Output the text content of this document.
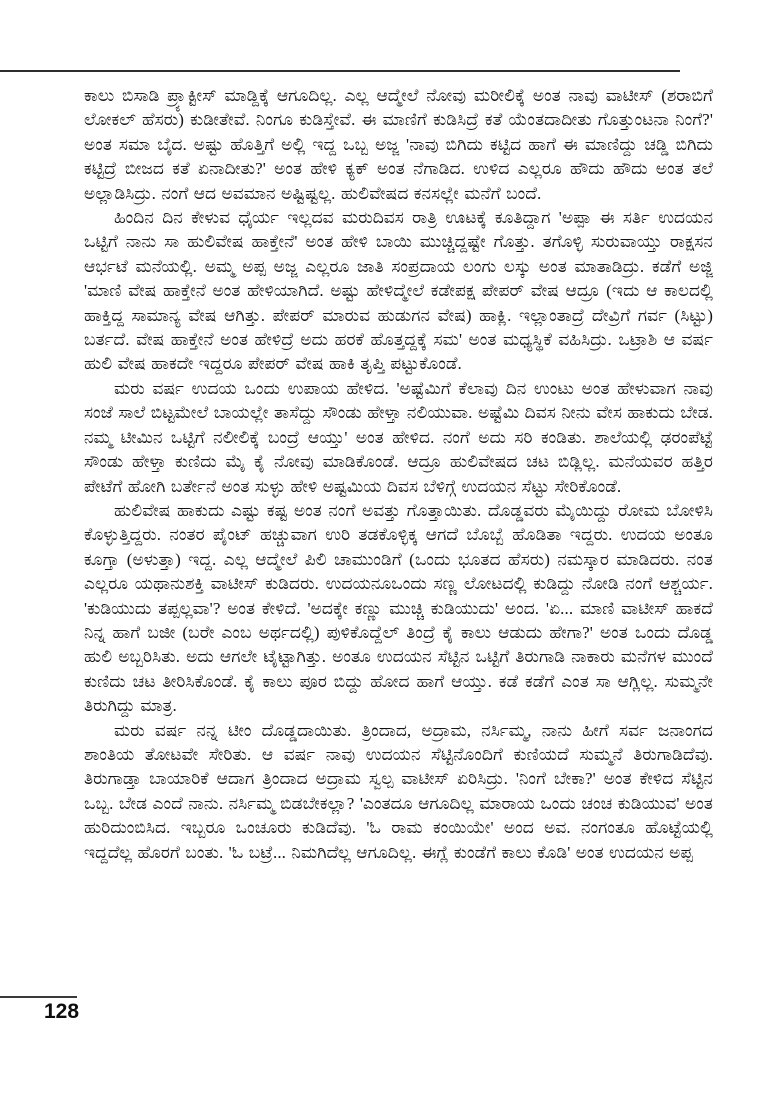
ಕಾಲು ಬಿಸಾಡಿ ಪ್ರ್ಯಾಕ್ಟೀಸ್ ಮಾಡ್ದಿಕ್ಕೆ ಆಗೂದಿಲ್ಲ. ಎಲ್ಲ ಆದ್ಮೇಲೆ ನೋವು ಮರೀಲಿಕ್ಕೆ ಅಂತ ನಾವು ವಾಟೀಸ್ (ಶರಾಬಿಗೆ ಲೋಕಲ್ ಹೆಸರು) ಕುಡೀತೇವೆ. ನಿಂಗೂ ಕುಡಿಸ್ತೇವೆ. ಈ ಮಾಣಿಗೆ ಕುಡಿಸಿದ್ರೆ ಕತೆ ಯೆಂತದಾದೀತು ಗೊತ್ತುಂಟನಾ ನಿಂಗೆ?' ಅಂತ ಸಮಾ ಬೈದ. ಅಷ್ಟು ಹೊತ್ತಿಗೆ ಅಲ್ಲಿ ಇದ್ದ ಒಬ್ಬ ಅಜ್ಜ 'ನಾವು ಬಿಗಿದು ಕಟ್ಟಿದ ಹಾಗೆ ಈ ಮಾಣಿದ್ದು ಚಡ್ಡಿ ಬಿಗಿದು ಕಟ್ಟಿದ್ರೆ ಬೀಜದ ಕತೆ ಏನಾದೀತು?' ಅಂತ ಹೇಳಿ ಕ್ಯಕ್ ಅಂತ ನೆಗಾಡಿದ. ಉಳಿದ ಎಲ್ಲರೂ ಹೌದು ಹೌದು ಅಂತ ತಲೆ ಅಲ್ಲಾಡಿಸಿದ್ರು. ನಂಗೆ ಆದ ಅವಮಾನ ಅಷ್ಟಿಷ್ಟಲ್ಲ. ಹುಲಿವೇಷದ ಕನಸಲ್ಲೇ ಮನೆಗೆ ಬಂದೆ.

ಹಿಂದಿನ ದಿನ ಕೇಳುವ ಧೈರ್ಯ ಇಲ್ಲದವ ಮರುದಿವಸ ರಾತ್ರಿ ಊಟಕ್ಕೆ ಕೂತಿದ್ದಾಗ 'ಅಪ್ಪಾ ಈ ಸರ್ತಿ ಉದಯನ ಒಟ್ಟಿಗೆ ನಾನು ಸಾ ಹುಲಿವೇಷ ಹಾಕ್ತೇನೆ' ಅಂತ ಹೇಳಿ ಬಾಯಿ ಮುಚ್ಚಿದ್ದಷ್ಟೇ ಗೊತ್ತು. ತಗೊಳ್ಳಿ ಸುರುವಾಯ್ತು ರಾಕ್ಷಸನ ಆರ್ಭಟೆ ಮನೆಯಲ್ಲಿ. ಅಮ್ಮ ಅಪ್ಪ ಅಜ್ಜ ಎಲ್ಲರೂ ಜಾತಿ ಸಂಪ್ರದಾಯ ಲಂಗು ಲಸ್ಕು ಅಂತ ಮಾತಾಡಿದ್ರು. ಕಡೆಗೆ ಅಜ್ಜಿ 'ಮಾಣಿ ವೇಷ ಹಾಕ್ತೇನೆ ಅಂತ ಹೇಳಿಯಾಗಿದೆ. ಅಷ್ಟು ಹೇಳಿದ್ಮೇಲೆ ಕಡೇಪಕ್ಷ ಪೇಪರ್ ವೇಷ ಆದ್ರೂ (ಇದು ಆ ಕಾಲದಲ್ಲಿ ಹಾಕ್ತಿದ್ದ ಸಾಮಾನ್ಯ ವೇಷ ಆಗಿತ್ತು. ಪೇಪರ್ ಮಾರುವ ಹುಡುಗನ ವೇಷ) ಹಾಕ್ಲಿ. ಇಲ್ಲಾಂತಾದ್ರೆ ದೇವ್ರಿಗೆ ಗರ್ವ (ಸಿಟ್ಟು) ಬರ್ತದೆ. ವೇಷ ಹಾಕ್ತೇನೆ ಅಂತ ಹೇಳಿದ್ರೆ ಅದು ಹರಕೆ ಹೊತ್ತದ್ದಕ್ಕೆ ಸಮ' ಅಂತ ಮಧ್ಯಸ್ಥಿಕೆ ವಹಿಸಿದ್ರು. ಒಟ್ರಾಶಿ ಆ ವರ್ಷ ಹುಲಿ ವೇಷ ಹಾಕದೇ ಇದ್ದರೂ ಪೇಪರ್ ವೇಷ ಹಾಕಿ ತೃಪ್ತಿ ಪಟ್ಟುಕೊಂಡೆ.

ಮರು ವರ್ಷ ಉದಯ ಒಂದು ಉಪಾಯ ಹೇಳಿದ. 'ಅಷ್ಟೆಮಿಗೆ ಕೆಲಾವು ದಿನ ಉಂಟು ಅಂತ ಹೇಳುವಾಗ ನಾವು ಸಂಜೆ ಸಾಲೆ ಬಿಟ್ಟಮೇಲೆ ಬಾಯಲ್ಲೇ ತಾಸೆದ್ದು ಸೌಂಡು ಹೇಳ್ತಾ ನಲಿಯುವಾ. ಅಷ್ಟೆಮಿ ದಿವಸ ನೀನು ವೇಸ ಹಾಕುದು ಬೇಡ. ನಮ್ಮ ಟೀಮಿನ ಒಟ್ಟಿಗೆ ನಲೀಲಿಕ್ಕೆ ಬಂದ್ರೆ ಆಯ್ತು' ಅಂತ ಹೇಳಿದ. ನಂಗೆ ಅದು ಸರಿ ಕಂಡಿತು. ಶಾಲೆಯಲ್ಲಿ ಢರಂಪೆಟ್ಟೆ ಸೌಂಡು ಹೇಳ್ತಾ ಕುಣಿದು ಮೈ ಕೈ ನೋವು ಮಾಡಿಕೊಂಡೆ. ಆದ್ರೂ ಹುಲಿವೇಷದ ಚಟ ಬಿಡ್ಲಿಲ್ಲ. ಮನೆಯವರ ಹತ್ತಿರ ಪೇಟೆಗೆ ಹೋಗಿ ಬರ್ತೇನೆ ಅಂತ ಸುಳ್ಳು ಹೇಳಿ ಅಷ್ಟಮಿಯ ದಿವಸ ಬೆಳಿಗ್ಗೆ ಉದಯನ ಸೆಟ್ಟು ಸೇರಿಕೊಂಡೆ.

ಹುಲಿವೇಷ ಹಾಕುದು ಎಷ್ಟು ಕಷ್ಟ ಅಂತ ನಂಗೆ ಅವತ್ತು ಗೊತ್ತಾಯಿತು. ದೊಡ್ಡವರು ಮೈಯಿದ್ದು ರೋಮ ಬೋಳಿಸಿ ಕೊಳ್ಳುತ್ತಿದ್ದರು. ನಂತರ ಪೈಂಟ್ ಹಚ್ಚುವಾಗ ಉರಿ ತಡಕೊಳ್ಳಿಕ್ಕ ಆಗದೆ ಬೊಬ್ಬೆ ಹೊಡಿತಾ ಇದ್ದರು. ಉದಯ ಅಂತೂ ಕೂಗ್ತಾ (ಅಳುತ್ತಾ) ಇದ್ದ. ಎಲ್ಲ ಆದ್ಮೇಲೆ ಪಿಲಿ ಚಾಮುಂಡಿಗೆ (ಒಂದು ಭೂತದ ಹೆಸರು) ನಮಸ್ಕಾರ ಮಾಡಿದರು. ನಂತ ಎಲ್ಲರೂ ಯಥಾನುಶಕ್ತಿ ವಾಟೀಸ್ ಕುಡಿದರು. ಉದಯನೂಒಂದು ಸಣ್ಣ ಲೋಟದಲ್ಲಿ ಕುಡಿದ್ದು ನೋಡಿ ನಂಗೆ ಆಶ್ಚರ್ಯ. 'ಕುಡಿಯುದು ತಪ್ಪಲ್ಲವಾ'? ಅಂತ ಕೇಳಿದೆ. 'ಅದಕ್ಕೇ ಕಣ್ಣು ಮುಚ್ಚಿ ಕುಡಿಯುದು' ಅಂದ. 'ಏ... ಮಾಣಿ ವಾಟೀಸ್ ಹಾಕದೆ ನಿನ್ನ ಹಾಗೆ ಬಜೀ (ಬರೇ ಎಂಬ ಅರ್ಥದಲ್ಲಿ) ಪುಳಿಕೊದ್ದೆಲ್ ತಿಂದ್ರೆ ಕೈ ಕಾಲು ಆಡುದು ಹೇಗಾ?' ಅಂತ ಒಂದು ದೊಡ್ಡ ಹುಲಿ ಅಬ್ಬರಿಸಿತು. ಅದು ಆಗಲೇ ಟೈಟ್ಟಾಗಿತ್ತು. ಅಂತೂ ಉದಯನ ಸೆಟ್ಟಿನ ಒಟ್ಟಿಗೆ ತಿರುಗಾಡಿ ನಾಕಾರು ಮನೆಗಳ ಮುಂದೆ ಕುಣಿದು ಚಟ ತೀರಿಸಿಕೊಂಡೆ. ಕೈ ಕಾಲು ಪೂರ ಬಿದ್ದು ಹೋದ ಹಾಗೆ ಆಯ್ತು. ಕಡೆ ಕಡೆಗೆ ಎಂತ ಸಾ ಆಗ್ಲಿಲ್ಲ. ಸುಮ್ಮನೇ ತಿರುಗಿದ್ದು ಮಾತ್ರ.

ಮರು ವರ್ಷ ನನ್ನ ಟೀಂ ದೊಡ್ಡದಾಯಿತು. ತ್ರಿಂದಾದ, ಅದ್ರಾಮ, ನರ್ಸಿಮ್ಮ, ನಾನು ಹೀಗೆ ಸರ್ವ ಜನಾಂಗದ ಶಾಂತಿಯ ತೋಟವೇ ಸೇರಿತು. ಆ ವರ್ಷ ನಾವು ಉದಯನ ಸೆಟ್ಟಿನೊಂದಿಗೆ ಕುಣಿಯದೆ ಸುಮ್ಮನೆ ತಿರುಗಾಡಿದೆವು. ತಿರುಗಾಡ್ತಾ ಬಾಯಾರಿಕೆ ಆದಾಗ ತ್ರಿಂದಾದ ಅದ್ರಾಮ ಸ್ವಲ್ಪ ವಾಟೀಸ್ ಏರಿಸಿದ್ರು. 'ನಿಂಗೆ ಬೇಕಾ?' ಅಂತ ಕೇಳಿದ ಸೆಟ್ಟಿನ ಒಬ್ಬ. ಬೇಡ ಎಂದೆ ನಾನು. ನರ್ಸಿಮ್ಮ ಬಿಡಬೇಕಲ್ಲಾ? 'ಎಂತದೂ ಆಗೂದಿಲ್ಲ ಮಾರಾಯ ಒಂದು ಚಂಚ ಕುಡಿಯುವ' ಅಂತ ಹುರಿದುಂಬಿಸಿದ. ಇಬ್ಬರೂ ಒಂಚೂರು ಕುಡಿದೆವು. 'ಓ ರಾಮ ಕಂಯಿಯೇ' ಅಂದ ಅವ. ನಂಗಂತೂ ಹೊಟ್ಟೆಯಲ್ಲಿ ಇದ್ದದೆಲ್ಲ ಹೊರಗೆ ಬಂತು. 'ಓ ಬಟ್ರೆ... ನಿಮಗಿದೆಲ್ಲ ಆಗೂದಿಲ್ಲ. ಈಗ್ಲೆ ಕುಂಡೆಗೆ ಕಾಲು ಕೊಡಿ' ಅಂತ ಉದಯನ ಅಪ್ಪ

128
